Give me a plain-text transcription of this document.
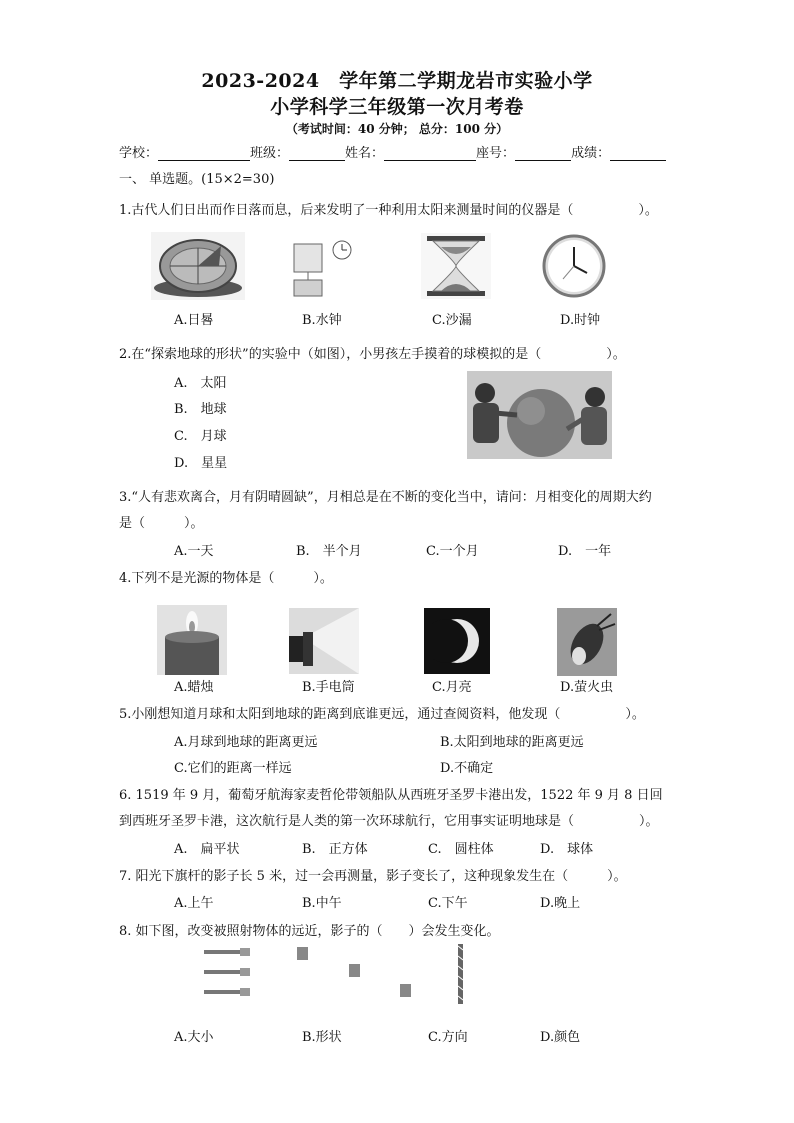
2023-2024　学年第二学期龙岩市实验小学
小学科学三年级第一次月考卷
（考试时间：40 分钟； 总分：100 分）
学校：	班级：	姓名：	座号：	成绩：
一、 单选题。(15×2=30)
1.古代人们日出而作日落而息，后来发明了一种利用太阳来测量时间的仪器是（　　　　　）。
A.日晷	B.水钟	C.沙漏	D.时钟
2.在“探索地球的形状”的实验中（如图），小男孩左手摸着的球模拟的是（　　　　　）。
A.　太阳
B.　地球
C.　月球
D.　星星
3.“人有悲欢离合，月有阴晴圆缺”，月相总是在不断的变化当中，请问：月相变化的周期大约
是（　　　）。
A.一天	B.　半个月	C.一个月	D.　一年
4.下列不是光源的物体是（　　　）。
A.蜡烛	B.手电筒	C.月亮	D.萤火虫
5.小刚想知道月球和太阳到地球的距离到底谁更远，通过查阅资料，他发现（　　　　　）。
A.月球到地球的距离更远	B.太阳到地球的距离更远
C.它们的距离一样远	D.不确定
6. 1519 年 9 月，葡萄牙航海家麦哲伦带领船队从西班牙圣罗卡港出发，1522 年 9 月 8 日回
到西班牙圣罗卡港，这次航行是人类的第一次环球航行，它用事实证明地球是（　　　　　）。
A.　扁平状	B.　正方体	C.　圆柱体	D.　球体
7. 阳光下旗杆的影子长 5 米，过一会再测量，影子变长了，这种现象发生在（　　　）。
A.上午	B.中午	C.下午	D.晚上
8. 如下图，改变被照射物体的远近，影子的（　　）会发生变化。
A.大小	B.形状	C.方向	D.颜色
